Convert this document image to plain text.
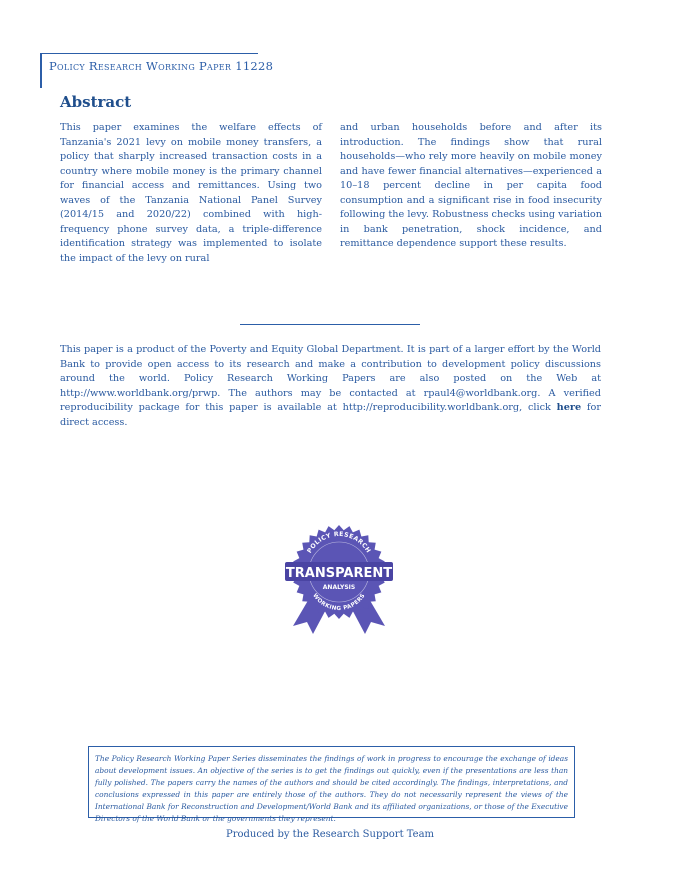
Policy Research Working Paper 11228
Abstract
This paper examines the welfare effects of Tanzania's 2021 levy on mobile money transfers, a policy that sharply increased transaction costs in a country where mobile money is the primary channel for financial access and remittances. Using two waves of the Tanzania National Panel Survey (2014/15 and 2020/22) combined with high-frequency phone survey data, a triple-difference identification strategy was implemented to isolate the impact of the levy on rural
and urban households before and after its introduction. The findings show that rural households—who rely more heavily on mobile money and have fewer financial alternatives—experienced a 10–18 percent decline in per capita food consumption and a significant rise in food insecurity following the levy. Robustness checks using variation in bank penetration, shock incidence, and remittance dependence support these results.
This paper is a product of the Poverty and Equity Global Department. It is part of a larger effort by the World Bank to provide open access to its research and make a contribution to development policy discussions around the world. Policy Research Working Papers are also posted on the Web at http://www.worldbank.org/prwp. The authors may be contacted at rpaul4@worldbank.org. A verified reproducibility package for this paper is available at http://reproducibility.worldbank.org, click here for direct access.
TRANSPARENT
ANALYSIS
POLICY RESEARCH
WORKING PAPERS

The Policy Research Working Paper Series disseminates the findings of work in progress to encourage the exchange of ideas about development issues. An objective of the series is to get the findings out quickly, even if the presentations are less than fully polished. The papers carry the names of the authors and should be cited accordingly. The findings, interpretations, and conclusions expressed in this paper are entirely those of the authors. They do not necessarily represent the views of the International Bank for Reconstruction and Development/World Bank and its affiliated organizations, or those of the Executive Directors of the World Bank or the governments they represent.

Produced by the Research Support Team
